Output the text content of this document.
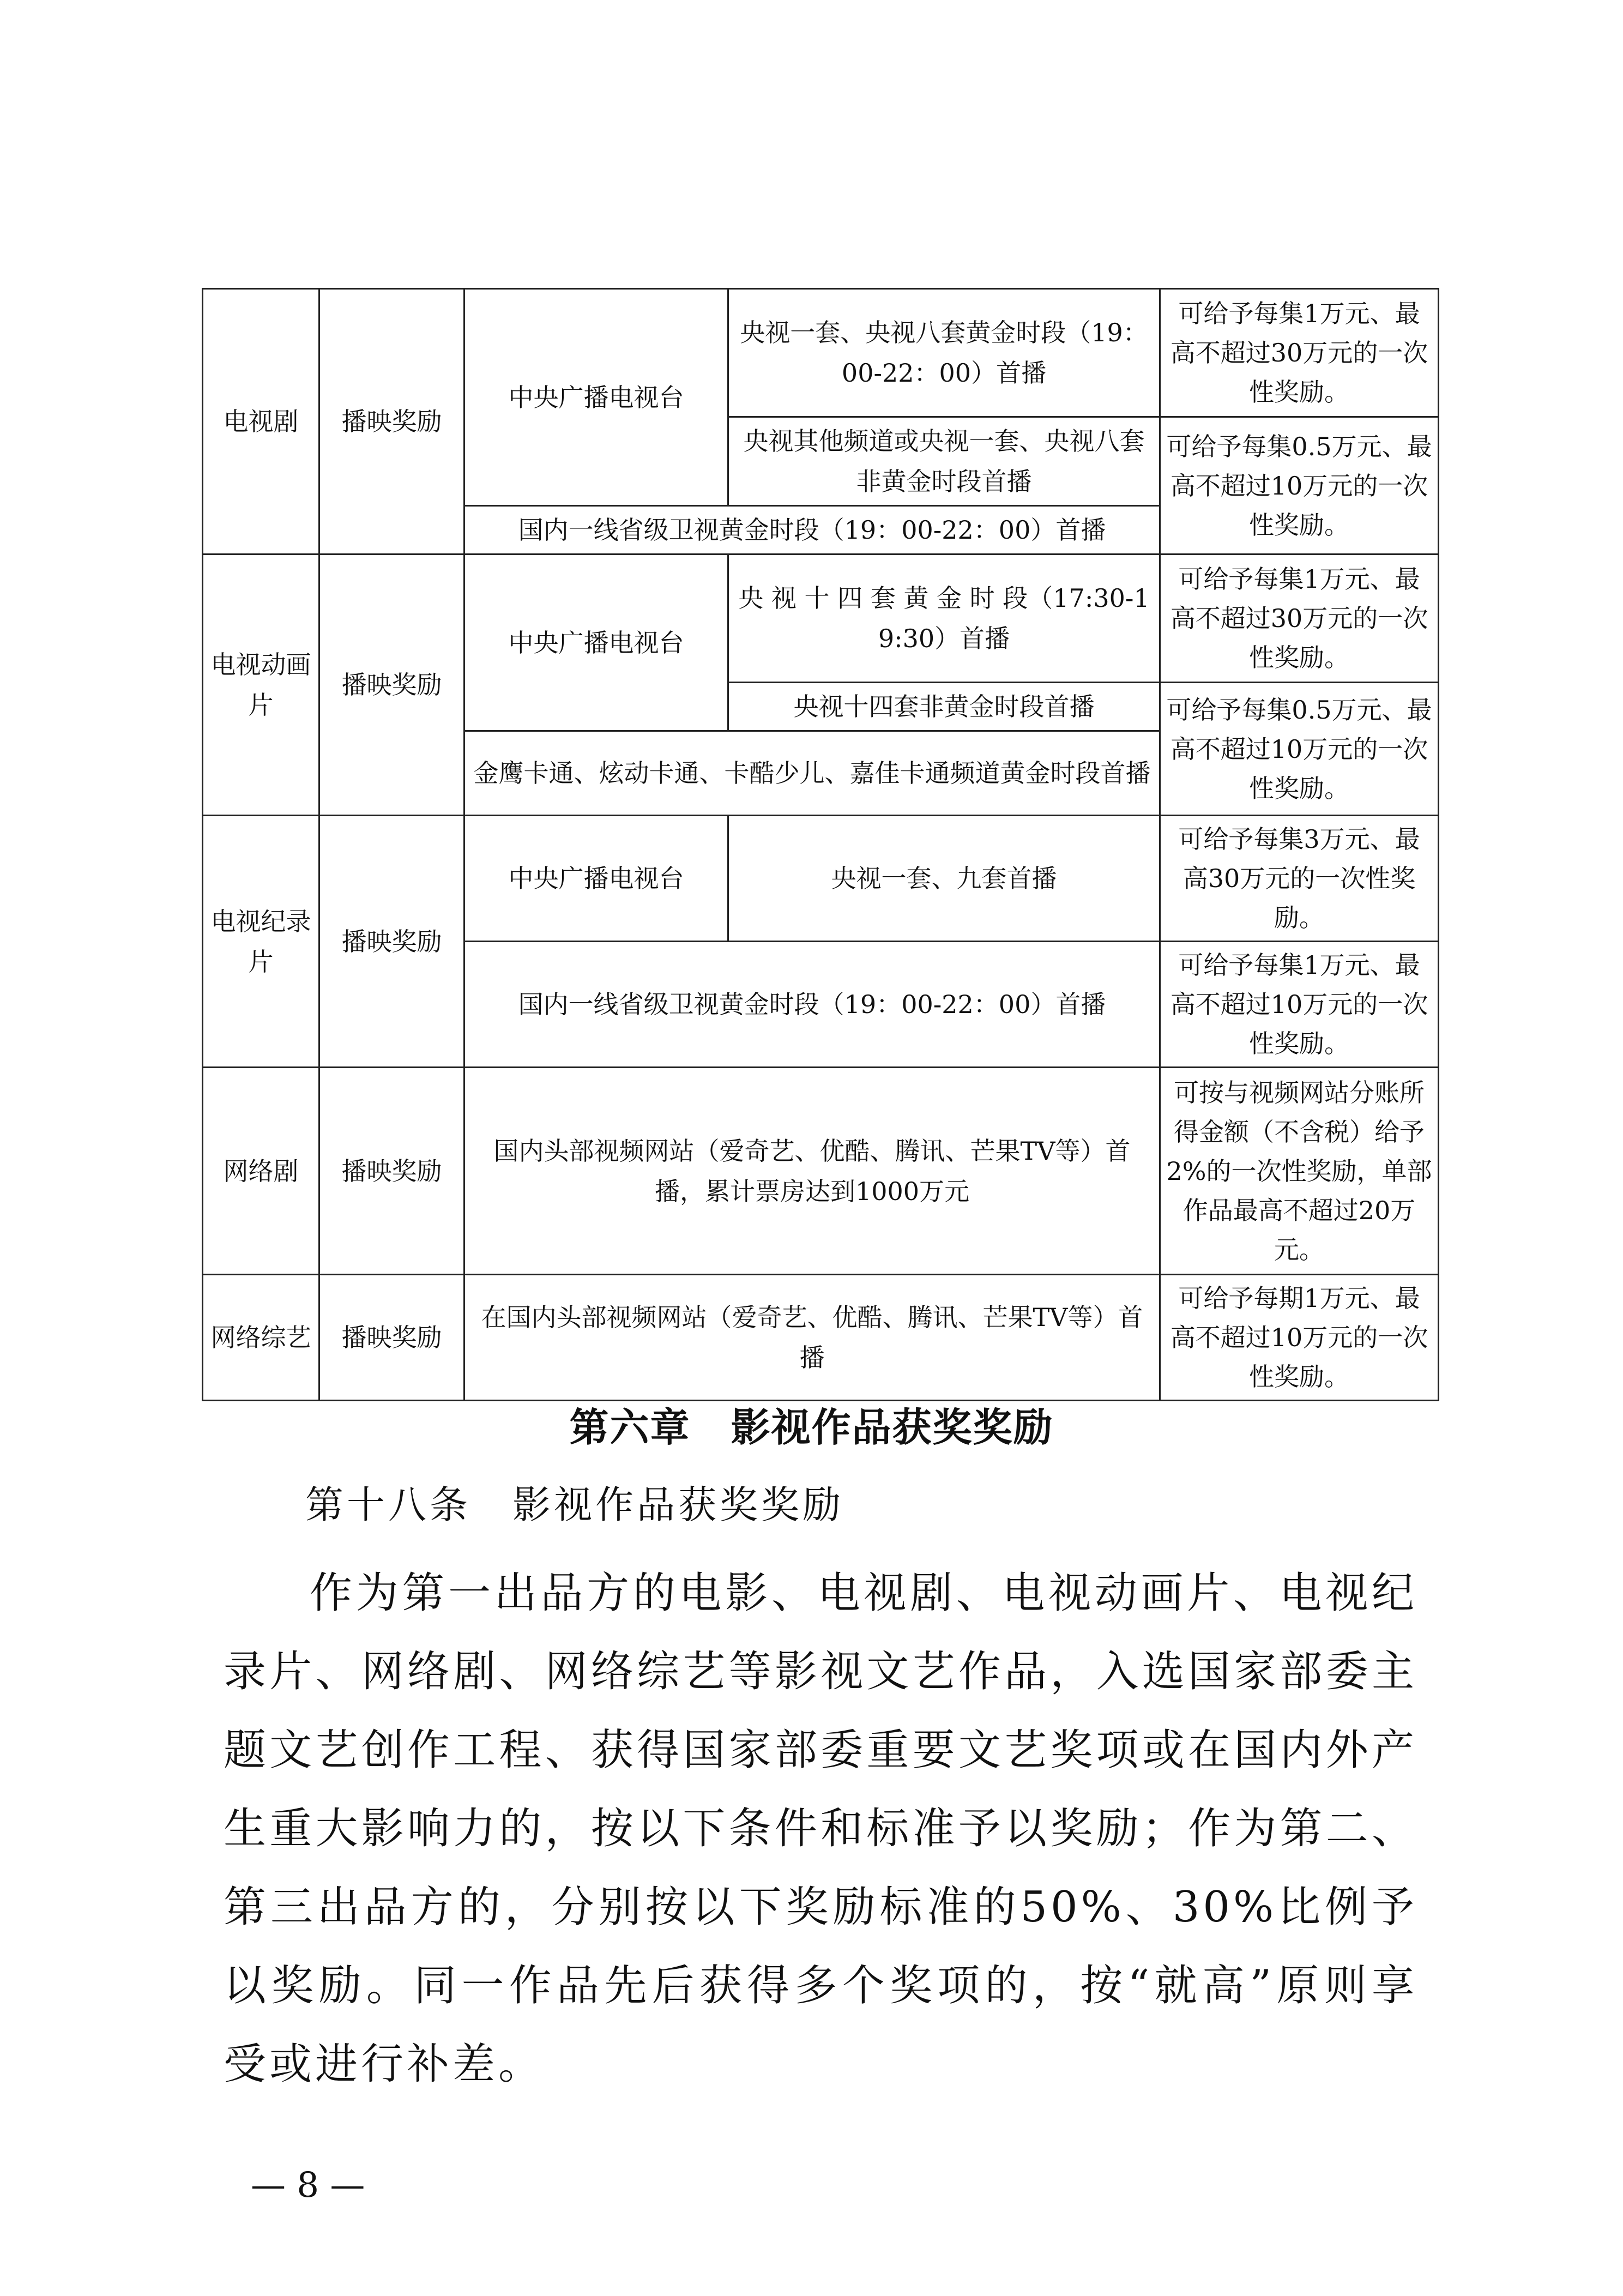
电视剧	播映奖励	中央广播电视台	央视一套、央视八套黄金时段（19：00-22：00）首播	可给予每集1万元、最高不超过30万元的一次性奖励。
			央视其他频道或央视一套、央视八套非黄金时段首播	可给予每集0.5万元、最高不超过10万元的一次性奖励。
		国内一线省级卫视黄金时段（19：00-22：00）首播		
电视动画片	播映奖励	中央广播电视台	央 视 十 四 套 黄 金 时 段（17:30-19:30）首播	可给予每集1万元、最高不超过30万元的一次性奖励。
			央视十四套非黄金时段首播	可给予每集0.5万元、最高不超过10万元的一次性奖励。
		金鹰卡通、炫动卡通、卡酷少儿、嘉佳卡通频道黄金时段首播		
电视纪录片	播映奖励	中央广播电视台	央视一套、九套首播	可给予每集3万元、最高30万元的一次性奖励。
		国内一线省级卫视黄金时段（19：00-22：00）首播		可给予每集1万元、最高不超过10万元的一次性奖励。
网络剧	播映奖励	国内头部视频网站（爱奇艺、优酷、腾讯、芒果TV等）首播，累计票房达到1000万元		可按与视频网站分账所得金额（不含税）给予2%的一次性奖励，单部作品最高不超过20万元。
网络综艺	播映奖励	在国内头部视频网站（爱奇艺、优酷、腾讯、芒果TV等）首播		可给予每期1万元、最高不超过10万元的一次性奖励。
第六章　影视作品获奖奖励
第十八条　影视作品获奖奖励

作为第一出品方的电影、电视剧、电视动画片、电视纪录片、网络剧、网络综艺等影视文艺作品，入选国家部委主题文艺创作工程、获得国家部委重要文艺奖项或在国内外产生重大影响力的，按以下条件和标准予以奖励；作为第二、第三出品方的，分别按以下奖励标准的50%、30%比例予以奖励。同一作品先后获得多个奖项的，按“就高”原则享受或进行补差。

— 8 —
